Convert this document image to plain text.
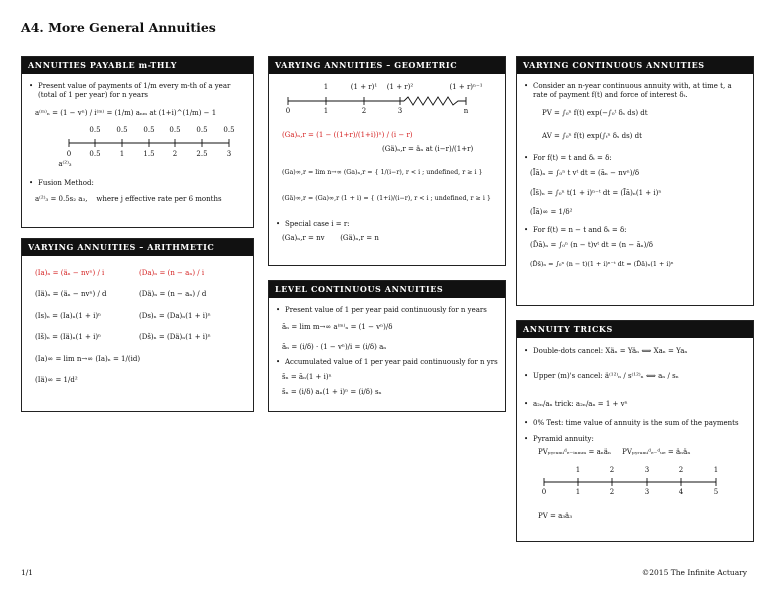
A4. More General Annuities
ANNUITIES PAYABLE m-THLY
• Present value of payments of 1/m every m-th of a year (total of 1 per year) for n years
a⁽ᵐ⁾ₙ = (1 − vⁿ) / i⁽ᵐ⁾ = (1/m) aₙₘ at (1+i)^(1/m) − 1
0.5 0.5 0.5 0.5 0.5 0.5
0	0.5	1	1.5	2	2.5	3
a⁽²⁾₃
• Fusion Method:
a⁽²⁾₃ = 0.5s₂ a₃, where j effective rate per 6 months
VARYING ANNUITIES – ARITHMETIC
(Ia)ₙ = (äₙ − nvⁿ) / i	(Da)ₙ = (n − aₙ) / i
(Iä)ₙ = (äₙ − nvⁿ) / d	(Dä)ₙ = (n − aₙ) / d
(Is)ₙ = (Ia)ₙ(1 + i)ⁿ	(Ds)ₙ = (Da)ₙ(1 + i)ⁿ
(Iš)ₙ = (Iä)ₙ(1 + i)ⁿ	(Dš)ₙ = (Dä)ₙ(1 + i)ⁿ
(Ia)∞ = lim n→∞ (Ia)ₙ = 1/(id)
(Iä)∞ = 1/d²
VARYING ANNUITIES – GEOMETRIC
1	(1 + r)¹ (1 + r)²	(1 + r)ⁿ⁻¹
0	1	2	3	n
(Ga)ₙ,r = (1 − ((1+r)/(1+i))ⁿ) / (i − r)
(Gä)ₙ,r = äₙ at (i−r)/(1+r)
(Ga)∞,r = lim n→∞ (Ga)ₙ,r = { 1/(i−r), r < i ; undefined, r ≥ i }
(Gä)∞,r = (Ga)∞,r (1 + i) = { (1+i)/(i−r), r < i ; undefined, r ≥ i }
• Special case i = r:
(Ga)ₙ,r = nv (Gä)ₙ,r = n
LEVEL CONTINUOUS ANNUITIES
• Present value of 1 per year paid continuously for n years
āₙ = lim m→∞ a⁽ᵐ⁾ₙ = (1 − vⁿ)/δ
āₙ = (i/δ) · (1 − vⁿ)/i = (i/δ) aₙ
• Accumulated value of 1 per year paid continuously for n yrs
s̄ₙ = āₙ(1 + i)ⁿ
s̄ₙ = (i/δ) aₙ(1 + i)ⁿ = (i/δ) sₙ
VARYING CONTINUOUS ANNUITIES
• Consider an n-year continuous annuity with, at time t, a rate of payment f(t) and force of interest δₜ.
PV = ∫₀ⁿ f(t) exp(−∫₀ᵗ δₛ ds) dt
AV = ∫₀ⁿ f(t) exp(∫ₜⁿ δₛ ds) dt
• For f(t) = t and δₜ = δ:
(Īā)ₙ = ∫₀ⁿ t vᵗ dt = (āₙ − nvⁿ)/δ
(Īs̄)ₙ = ∫₀ⁿ t(1 + i)ⁿ⁻ᵗ dt = (Īā)ₙ(1 + i)ⁿ
(Īā)∞ = 1/δ²
• For f(t) = n − t and δₜ = δ:
(D̄ā)ₙ = ∫₀ⁿ (n − t)vᵗ dt = (n − āₙ)/δ
(D̄s̄)ₙ = ∫₀ⁿ (n − t)(1 + i)ⁿ⁻ᵗ dt = (D̄ā)ₙ(1 + i)ⁿ
ANNUITY TRICKS
• Double-dots cancel: Xäₙ = Yäₙ ⟺ Xaₙ = Yaₙ
• Upper (m)'s cancel: ä⁽¹²⁾ₙ / s⁽¹²⁾ₙ ⟺ aₙ / sₙ
• a₂ₙ/aₙ trick: a₂ₙ/aₙ = 1 + vⁿ
• 0% Test: time value of annuity is the sum of the payments
• Pyramid annuity:
PVₚᵧᵣₐₘᵢᵈₑ₋ᵢₙₘₘ = aₙäₙ PVₚᵧᵣₐₘᵢᵈₑ₋ᵈᵤₑ = äₙäₙ
1	2	3	2	1
0	1	2	3	4	5
PV = a₃ä₃
1/1	©2015 The Infinite Actuary
